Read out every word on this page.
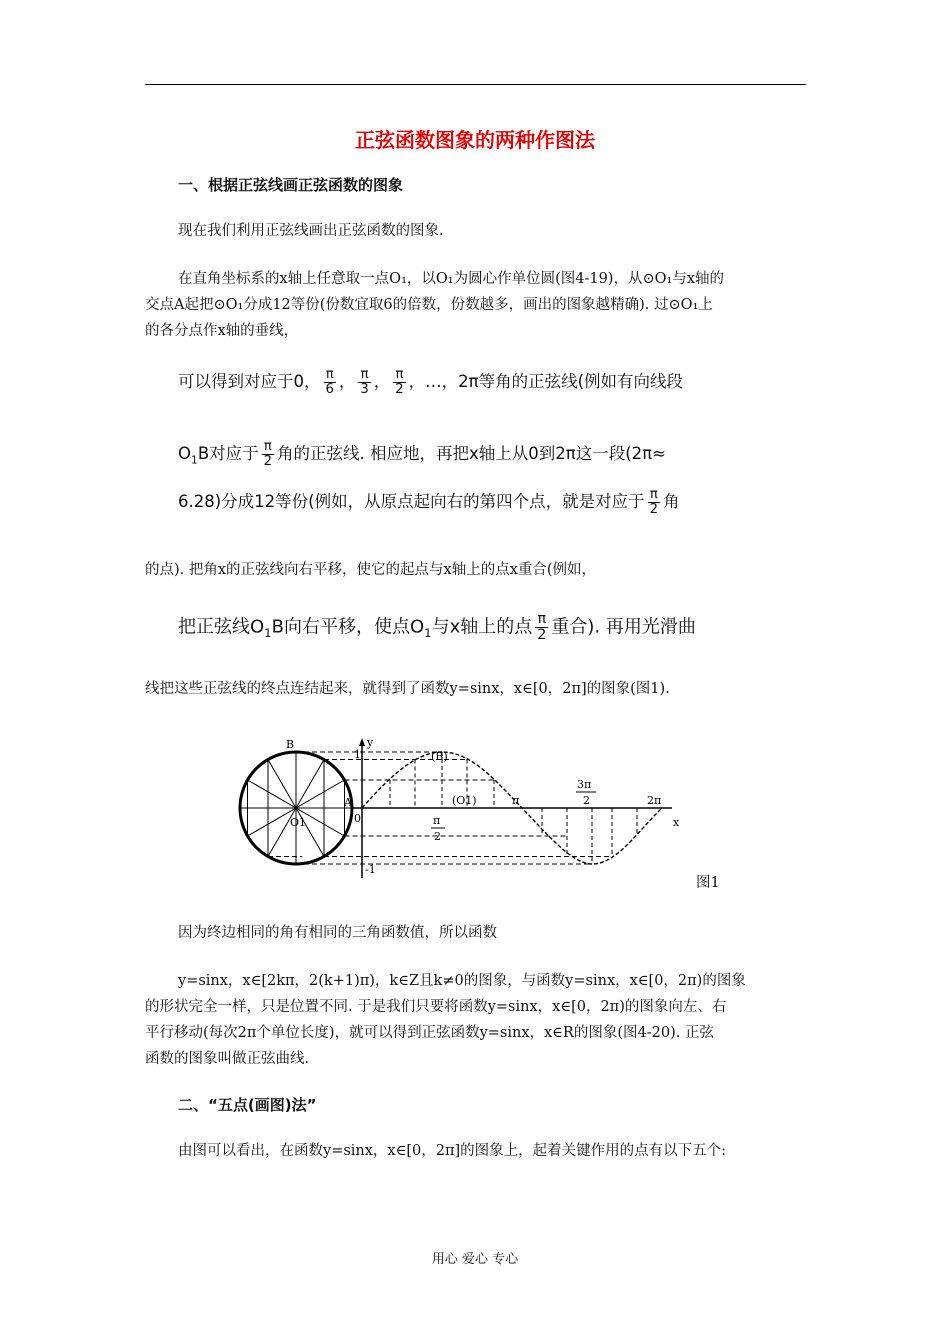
正弦函数图象的两种作图法
一、根据正弦线画正弦函数的图象
现在我们利用正弦线画出正弦函数的图象.
在直角坐标系的x轴上任意取一点O₁，以O₁为圆心作单位圆(图4-19)，从⊙O₁与x轴的
交点A起把⊙O₁分成12等份(份数宜取6的倍数，份数越多，画出的图象越精确). 过⊙O₁上
的各分点作x轴的垂线，
可以得到对应于0， $\frac{\pi}{6}$ ， $\frac{\pi}{3}$ ， $\frac{\pi}{2}$ ，…，2π等角的正弦线(例如有向线段
$O_1B$对应于 $\frac{\pi}{2}$ 角的正弦线. 相应地，再把x轴上从0到2π这一段(2π≈
6.28)分成12等份(例如，从原点起向右的第四个点，就是对应于 $\frac{\pi}{2}$ 角
的点). 把角x的正弦线向右平移，使它的起点与x轴上的点x重合(例如，
把正弦线$O_1B$向右平移，使点$O_1$与x轴上的点 $\frac{\pi}{2}$ 重合). 再用光滑曲
线把这些正弦线的终点连结起来，就得到了函数y=sinx，x∈[0，2π]的图象(图1).
B
A
O1
y
x
1
-1
0
(B)
(O1)	π
3π
2	2π
π
2
图1
因为终边相同的角有相同的三角函数值，所以函数
y=sinx，x∈[2kπ，2(k+1)π)，k∈Z且k≠0的图象，与函数y=sinx，x∈[0，2π)的图象
的形状完全一样，只是位置不同. 于是我们只要将函数y=sinx，x∈[0，2π)的图象向左、右
平行移动(每次2π个单位长度)，就可以得到正弦函数y=sinx，x∈R的图象(图4-20). 正弦
函数的图象叫做正弦曲线.
二、“五点(画图)法”
由图可以看出，在函数y=sinx，x∈[0，2π]的图象上，起着关键作用的点有以下五个:
用心 爱心 专心
